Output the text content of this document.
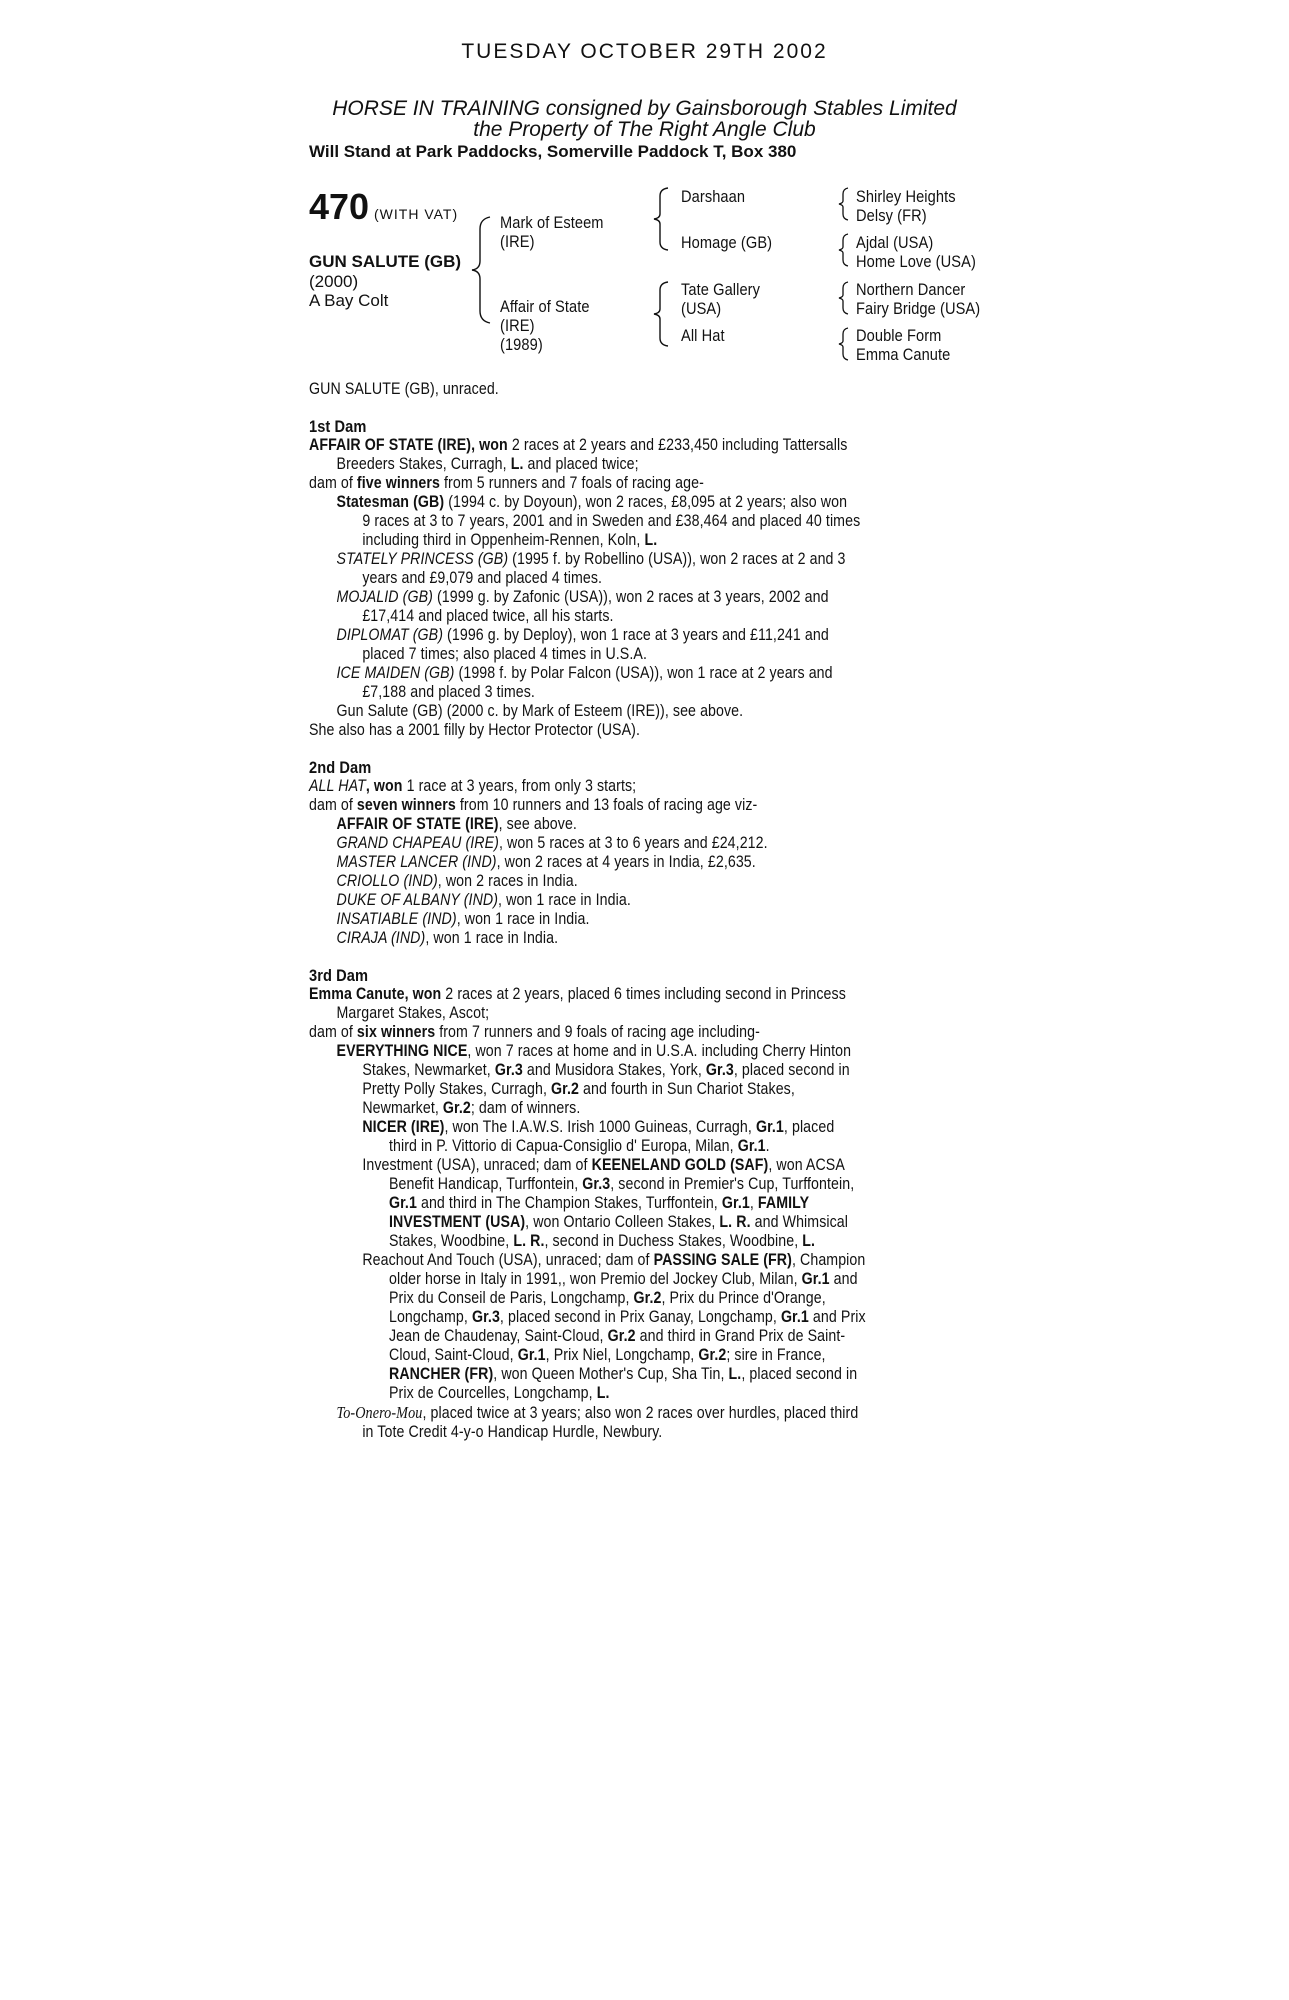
TUESDAY OCTOBER 29TH 2002
HORSE IN TRAINING consigned by Gainsborough Stables Limited
the Property of The Right Angle Club
Will Stand at Park Paddocks, Somerville Paddock T, Box 380
470 (WITH VAT)
GUN SALUTE (GB)
(2000)
A Bay Colt
Mark of Esteem
(IRE)
Affair of State
(IRE)
(1989)
Darshaan
Homage (GB)
Tate Gallery
(USA)
All Hat
Shirley Heights
Delsy (FR)
Ajdal (USA)
Home Love (USA)
Northern Dancer
Fairy Bridge (USA)
Double Form
Emma Canute

GUN SALUTE (GB), unraced.

1st Dam

AFFAIR OF STATE (IRE), won 2 races at 2 years and £233,450 including Tattersalls

Breeders Stakes, Curragh, L. and placed twice;

dam of five winners from 5 runners and 7 foals of racing age-

Statesman (GB) (1994 c. by Doyoun), won 2 races, £8,095 at 2 years; also won

9 races at 3 to 7 years, 2001 and in Sweden and £38,464 and placed 40 times

including third in Oppenheim-Rennen, Koln, L.

STATELY PRINCESS (GB) (1995 f. by Robellino (USA)), won 2 races at 2 and 3

years and £9,079 and placed 4 times.

MOJALID (GB) (1999 g. by Zafonic (USA)), won 2 races at 3 years, 2002 and

£17,414 and placed twice, all his starts.

DIPLOMAT (GB) (1996 g. by Deploy), won 1 race at 3 years and £11,241 and

placed 7 times; also placed 4 times in U.S.A.

ICE MAIDEN (GB) (1998 f. by Polar Falcon (USA)), won 1 race at 2 years and

£7,188 and placed 3 times.

Gun Salute (GB) (2000 c. by Mark of Esteem (IRE)), see above.

She also has a 2001 filly by Hector Protector (USA).

2nd Dam

ALL HAT, won 1 race at 3 years, from only 3 starts;

dam of seven winners from 10 runners and 13 foals of racing age viz-

AFFAIR OF STATE (IRE), see above.

GRAND CHAPEAU (IRE), won 5 races at 3 to 6 years and £24,212.

MASTER LANCER (IND), won 2 races at 4 years in India, £2,635.

CRIOLLO (IND), won 2 races in India.

DUKE OF ALBANY (IND), won 1 race in India.

INSATIABLE (IND), won 1 race in India.

CIRAJA (IND), won 1 race in India.

3rd Dam

Emma Canute, won 2 races at 2 years, placed 6 times including second in Princess

Margaret Stakes, Ascot;

dam of six winners from 7 runners and 9 foals of racing age including-

EVERYTHING NICE, won 7 races at home and in U.S.A. including Cherry Hinton

Stakes, Newmarket, Gr.3 and Musidora Stakes, York, Gr.3, placed second in

Pretty Polly Stakes, Curragh, Gr.2 and fourth in Sun Chariot Stakes,

Newmarket, Gr.2; dam of winners.

NICER (IRE), won The I.A.W.S. Irish 1000 Guineas, Curragh, Gr.1, placed

third in P. Vittorio di Capua-Consiglio d' Europa, Milan, Gr.1.

Investment (USA), unraced; dam of KEENELAND GOLD (SAF), won ACSA

Benefit Handicap, Turffontein, Gr.3, second in Premier's Cup, Turffontein,

Gr.1 and third in The Champion Stakes, Turffontein, Gr.1, FAMILY

INVESTMENT (USA), won Ontario Colleen Stakes, L. R. and Whimsical

Stakes, Woodbine, L. R., second in Duchess Stakes, Woodbine, L.

Reachout And Touch (USA), unraced; dam of PASSING SALE (FR), Champion

older horse in Italy in 1991,, won Premio del Jockey Club, Milan, Gr.1 and

Prix du Conseil de Paris, Longchamp, Gr.2, Prix du Prince d'Orange,

Longchamp, Gr.3, placed second in Prix Ganay, Longchamp, Gr.1 and Prix

Jean de Chaudenay, Saint-Cloud, Gr.2 and third in Grand Prix de Saint-

Cloud, Saint-Cloud, Gr.1, Prix Niel, Longchamp, Gr.2; sire in France,

RANCHER (FR), won Queen Mother's Cup, Sha Tin, L., placed second in

Prix de Courcelles, Longchamp, L.

To-Onero-Mou, placed twice at 3 years; also won 2 races over hurdles, placed third

in Tote Credit 4-y-o Handicap Hurdle, Newbury.
